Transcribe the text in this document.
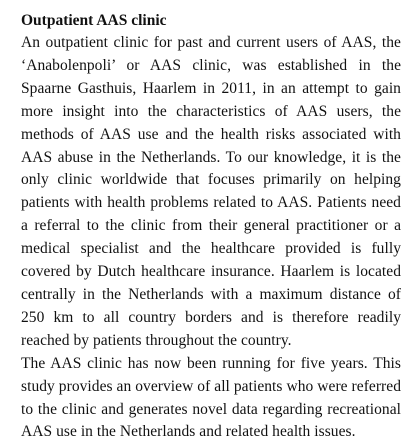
Outpatient AAS clinic

An outpatient clinic for past and current users of AAS, the ‘Anabolenpoli’ or AAS clinic, was established in the Spaarne Gasthuis, Haarlem in 2011, in an attempt to gain more insight into the characteristics of AAS users, the methods of AAS use and the health risks associated with AAS abuse in the Netherlands. To our knowledge, it is the only clinic worldwide that focuses primarily on helping patients with health problems related to AAS. Patients need a referral to the clinic from their general practitioner or a medical specialist and the healthcare provided is fully covered by Dutch healthcare insurance. Haarlem is located centrally in the Netherlands with a maximum distance of 250 km to all country borders and is therefore readily reached by patients throughout the country.

The AAS clinic has now been running for five years. This study provides an overview of all patients who were referred to the clinic and generates novel data regarding recreational AAS use in the Netherlands and related health issues.
